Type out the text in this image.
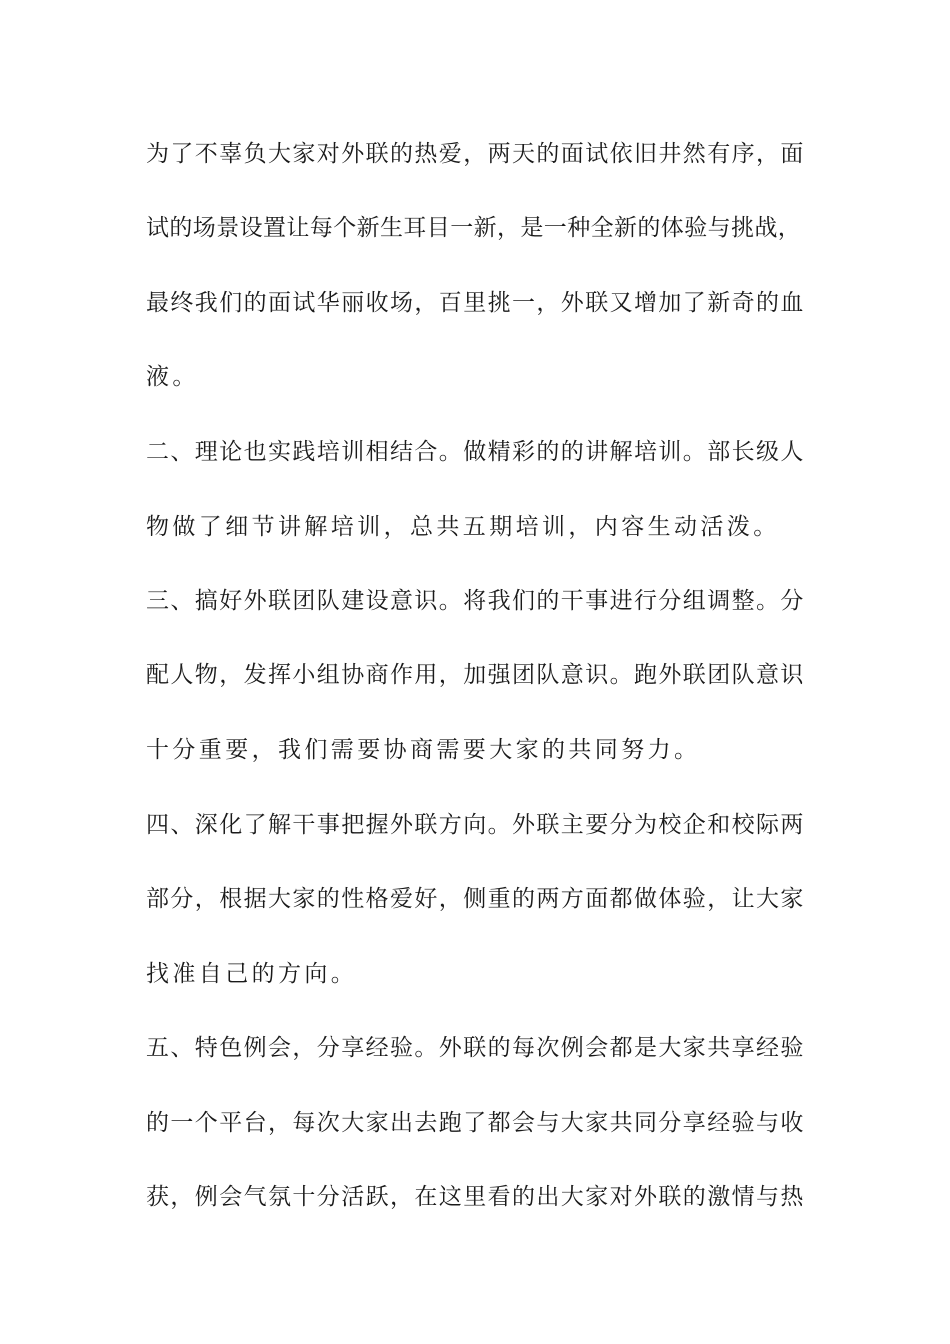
为了不辜负大家对外联的热爱，两天的面试依旧井然有序，面
试的场景设置让每个新生耳目一新，是一种全新的体验与挑战，
最终我们的面试华丽收场，百里挑一，外联又增加了新奇的血
液。
二、理论也实践培训相结合。做精彩的的讲解培训。部长级人
物做了细节讲解培训，总共五期培训，内容生动活泼。
三、搞好外联团队建设意识。将我们的干事进行分组调整。分
配人物，发挥小组协商作用，加强团队意识。跑外联团队意识
十分重要，我们需要协商需要大家的共同努力。
四、深化了解干事把握外联方向。外联主要分为校企和校际两
部分，根据大家的性格爱好，侧重的两方面都做体验，让大家
找准自己的方向。
五、特色例会，分享经验。外联的每次例会都是大家共享经验
的一个平台，每次大家出去跑了都会与大家共同分享经验与收
获，例会气氛十分活跃，在这里看的出大家对外联的激情与热
